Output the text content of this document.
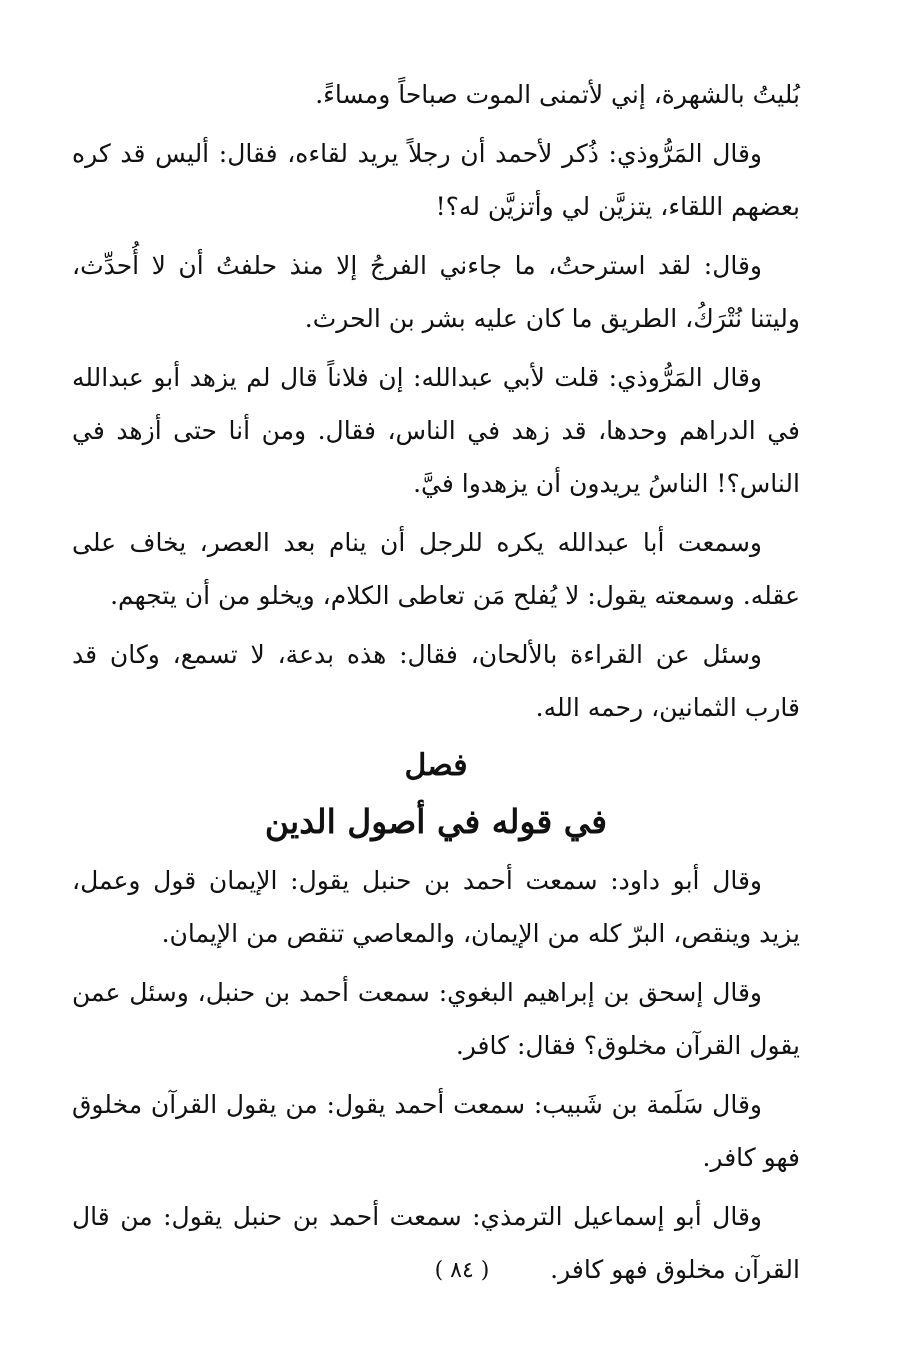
بُليتُ بالشهرة، إني لأتمنى الموت صباحاً ومساءً.

وقال المَرُّوذي: ذُكر لأحمد أن رجلاً يريد لقاءه، فقال: أليس قد كره بعضهم اللقاء، يتزيَّن لي وأتزيَّن له؟!

وقال: لقد استرحتُ، ما جاءني الفرجُ إلا منذ حلفتُ أن لا أُحدِّث، وليتنا نُتْرَكُ، الطريق ما كان عليه بشر بن الحرث.

وقال المَرُّوذي: قلت لأبي عبدالله: إن فلاناً قال لم يزهد أبو عبدالله في الدراهم وحدها، قد زهد في الناس، فقال. ومن أنا حتى أزهد في الناس؟! الناسُ يريدون أن يزهدوا فيَّ.

وسمعت أبا عبدالله يكره للرجل أن ينام بعد العصر، يخاف على عقله. وسمعته يقول: لا يُفلح مَن تعاطى الكلام، ويخلو من أن يتجهم.

وسئل عن القراءة بالألحان، فقال: هذه بدعة، لا تسمع، وكان قد قارب الثمانين، رحمه الله.

فصل
في قوله في أصول الدين

وقال أبو داود: سمعت أحمد بن حنبل يقول: الإيمان قول وعمل، يزيد وينقص، البرّ كله من الإيمان، والمعاصي تنقص من الإيمان.

وقال إسحق بن إبراهيم البغوي: سمعت أحمد بن حنبل، وسئل عمن يقول القرآن مخلوق؟ فقال: كافر.

وقال سَلَمة بن شَبيب: سمعت أحمد يقول: من يقول القرآن مخلوق فهو كافر.

وقال أبو إسماعيل الترمذي: سمعت أحمد بن حنبل يقول: من قال القرآن مخلوق فهو كافر.

( ٨٤ )
